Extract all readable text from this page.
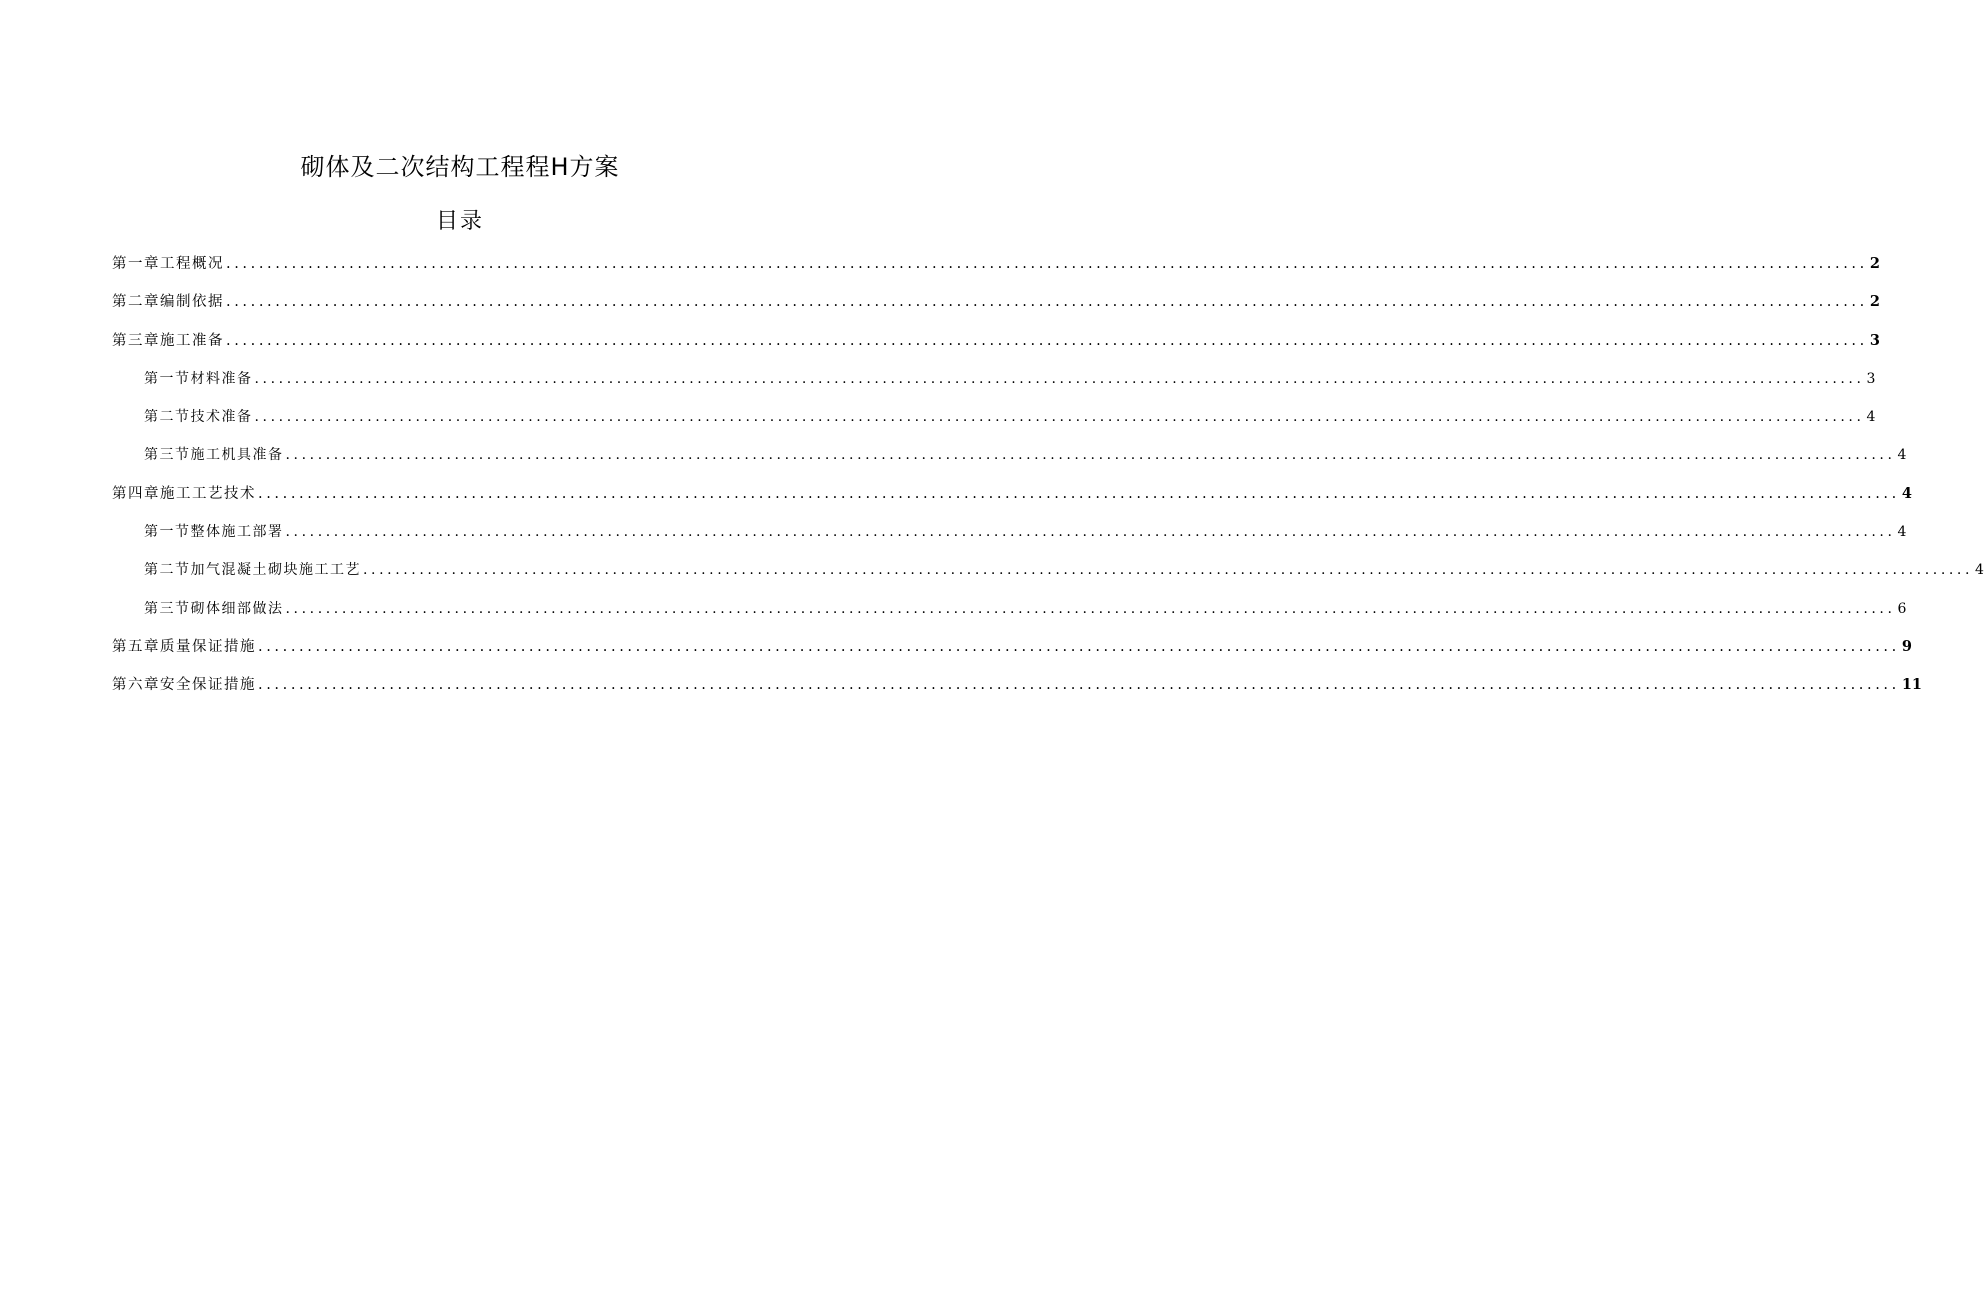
砌体及二次结构工程程H方案
目录
第一章工程概况 ........................................................................................................................................................................................................ 2
第二章编制依据 ........................................................................................................................................................................................................ 2
第三章施工准备 ........................................................................................................................................................................................................ 3
第一节材料准备 ........................................................................................................................................................................................................ 3
第二节技术准备 ........................................................................................................................................................................................................ 4
第三节施工机具准备 ........................................................................................................................................................................................................ 4
第四章施工工艺技术 ........................................................................................................................................................................................................ 4
第一节整体施工部署 ........................................................................................................................................................................................................ 4
第二节加气混凝土砌块施工工艺 ........................................................................................................................................................................................................ 4
第三节砌体细部做法 ........................................................................................................................................................................................................ 6
第五章质量保证措施 ........................................................................................................................................................................................................ 9
第六章安全保证措施 ........................................................................................................................................................................................................ 11
